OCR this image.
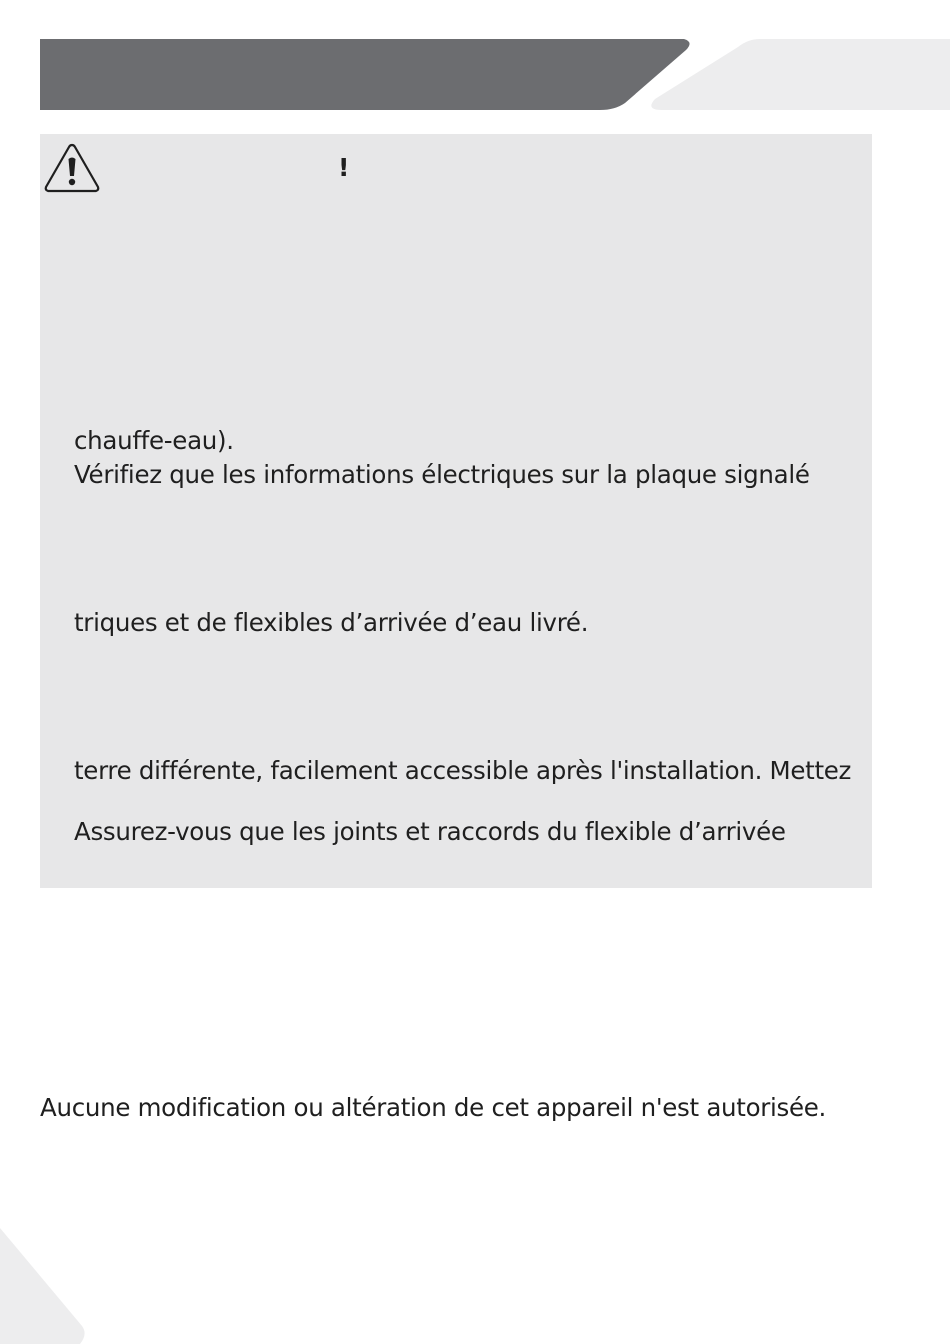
!
chauffe-eau).
Vérifiez que les informations électriques sur la plaque signalé
triques et de flexibles d’arrivée d’eau livré.
terre différente, facilement accessible après l'installation. Mettez
Assurez-vous que les joints et raccords du flexible d’arrivée
Aucune modification ou altération de cet appareil n'est autorisée.
